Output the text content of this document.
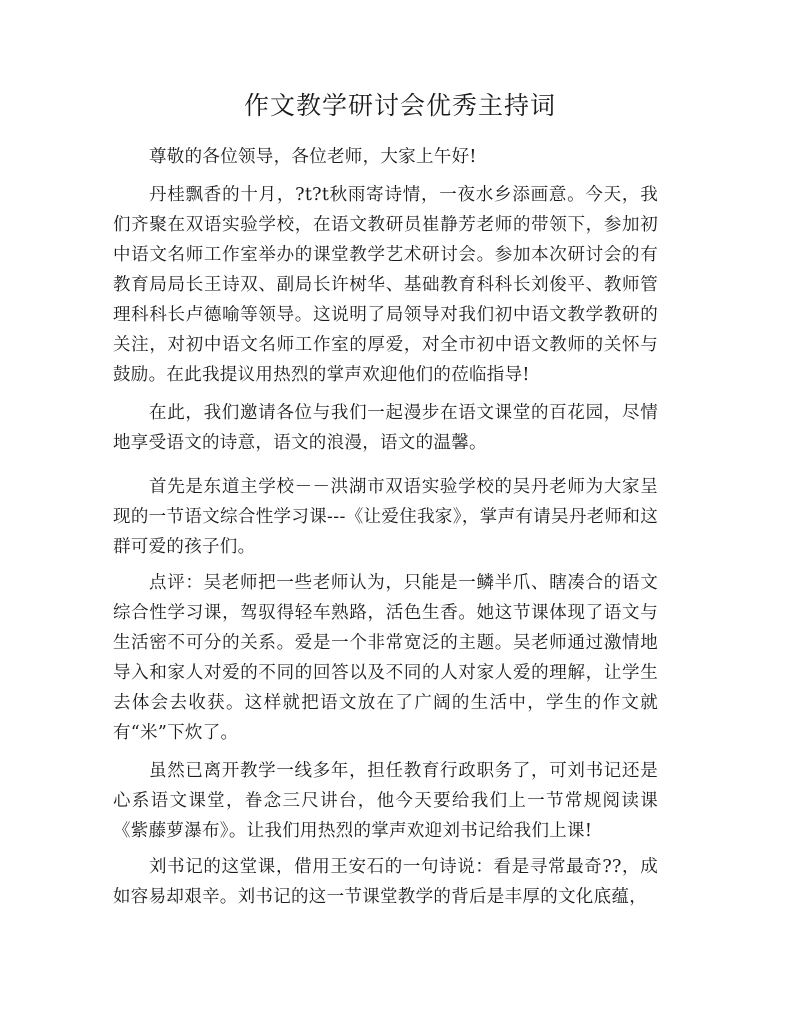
作文教学研讨会优秀主持词

尊敬的各位领导，各位老师，大家上午好!

丹桂飘香的十月，?t?t秋雨寄诗情，一夜水乡添画意。今天，我们齐聚在双语实验学校，在语文教研员崔静芳老师的带领下，参加初中语文名师工作室举办的课堂教学艺术研讨会。参加本次研讨会的有教育局局长王诗双、副局长许树华、基础教育科科长刘俊平、教师管理科科长卢德喻等领导。这说明了局领导对我们初中语文教学教研的关注，对初中语文名师工作室的厚爱，对全市初中语文教师的关怀与鼓励。在此我提议用热烈的掌声欢迎他们的莅临指导!

在此，我们邀请各位与我们一起漫步在语文课堂的百花园，尽情地享受语文的诗意，语文的浪漫，语文的温馨。

首先是东道主学校－－洪湖市双语实验学校的吴丹老师为大家呈现的一节语文综合性学习课---《让爱住我家》，掌声有请吴丹老师和这群可爱的孩子们。

点评：吴老师把一些老师认为，只能是一鳞半爪、瞎凑合的语文综合性学习课，驾驭得轻车熟路，活色生香。她这节课体现了语文与生活密不可分的关系。爱是一个非常宽泛的主题。吴老师通过激情地导入和家人对爱的不同的回答以及不同的人对家人爱的理解，让学生去体会去收获。这样就把语文放在了广阔的生活中，学生的作文就有“米”下炊了。

虽然已离开教学一线多年，担任教育行政职务了，可刘书记还是心系语文课堂，眷念三尺讲台，他今天要给我们上一节常规阅读课《紫藤萝瀑布》。让我们用热烈的掌声欢迎刘书记给我们上课!

刘书记的这堂课，借用王安石的一句诗说：看是寻常最奇??，成如容易却艰辛。刘书记的这一节课堂教学的背后是丰厚的文化底蕴，
